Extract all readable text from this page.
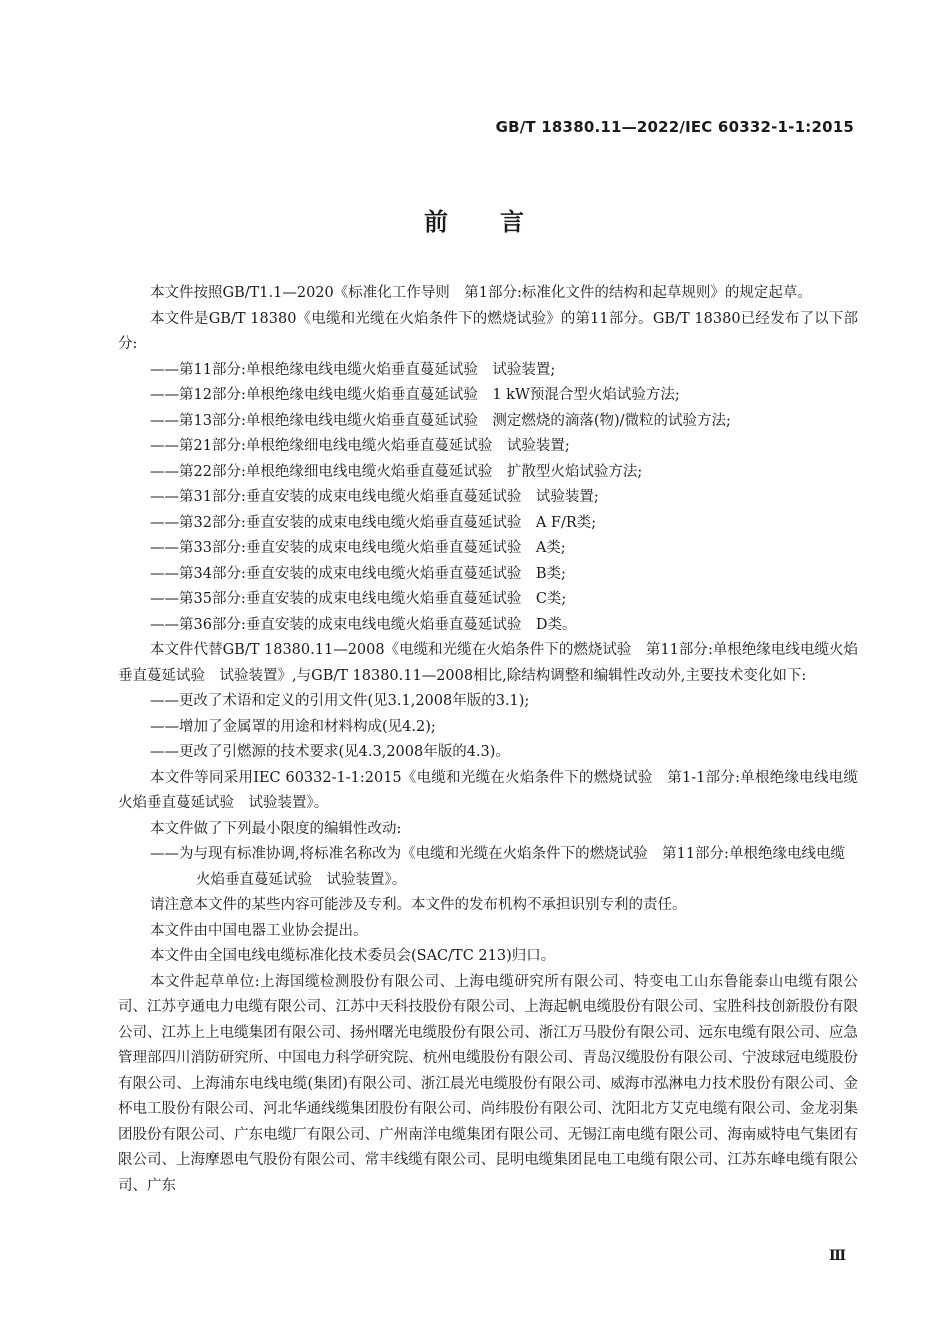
GB/T 18380.11—2022/IEC 60332-1-1:2015
前 言

本文件按照GB/T1.1—2020《标准化工作导则　第1部分:标准化文件的结构和起草规则》的规定起草。

本文件是GB/T 18380《电缆和光缆在火焰条件下的燃烧试验》的第11部分。GB/T 18380已经发布了以下部分:

——第11部分:单根绝缘电线电缆火焰垂直蔓延试验　试验装置;

——第12部分:单根绝缘电线电缆火焰垂直蔓延试验　1 kW预混合型火焰试验方法;

——第13部分:单根绝缘电线电缆火焰垂直蔓延试验　测定燃烧的滴落(物)/微粒的试验方法;

——第21部分:单根绝缘细电线电缆火焰垂直蔓延试验　试验装置;

——第22部分:单根绝缘细电线电缆火焰垂直蔓延试验　扩散型火焰试验方法;

——第31部分:垂直安装的成束电线电缆火焰垂直蔓延试验　试验装置;

——第32部分:垂直安装的成束电线电缆火焰垂直蔓延试验　A F/R类;

——第33部分:垂直安装的成束电线电缆火焰垂直蔓延试验　A类;

——第34部分:垂直安装的成束电线电缆火焰垂直蔓延试验　B类;

——第35部分:垂直安装的成束电线电缆火焰垂直蔓延试验　C类;

——第36部分:垂直安装的成束电线电缆火焰垂直蔓延试验　D类。

本文件代替GB/T 18380.11—2008《电缆和光缆在火焰条件下的燃烧试验　第11部分:单根绝缘电线电缆火焰垂直蔓延试验　试验装置》,与GB/T 18380.11—2008相比,除结构调整和编辑性改动外,主要技术变化如下:

——更改了术语和定义的引用文件(见3.1,2008年版的3.1);

——增加了金属罩的用途和材料构成(见4.2);

——更改了引燃源的技术要求(见4.3,2008年版的4.3)。

本文件等同采用IEC 60332-1-1:2015《电缆和光缆在火焰条件下的燃烧试验　第1-1部分:单根绝缘电线电缆火焰垂直蔓延试验　试验装置》。

本文件做了下列最小限度的编辑性改动:

——为与现有标准协调,将标准名称改为《电缆和光缆在火焰条件下的燃烧试验　第11部分:单根绝缘电线电缆火焰垂直蔓延试验　试验装置》。

请注意本文件的某些内容可能涉及专利。本文件的发布机构不承担识别专利的责任。

本文件由中国电器工业协会提出。

本文件由全国电线电缆标准化技术委员会(SAC/TC 213)归口。

本文件起草单位:上海国缆检测股份有限公司、上海电缆研究所有限公司、特变电工山东鲁能泰山电缆有限公司、江苏亨通电力电缆有限公司、江苏中天科技股份有限公司、上海起帆电缆股份有限公司、宝胜科技创新股份有限公司、江苏上上电缆集团有限公司、扬州曙光电缆股份有限公司、浙江万马股份有限公司、远东电缆有限公司、应急管理部四川消防研究所、中国电力科学研究院、杭州电缆股份有限公司、青岛汉缆股份有限公司、宁波球冠电缆股份有限公司、上海浦东电线电缆(集团)有限公司、浙江晨光电缆股份有限公司、威海市泓淋电力技术股份有限公司、金杯电工股份有限公司、河北华通线缆集团股份有限公司、尚纬股份有限公司、沈阳北方艾克电缆有限公司、金龙羽集团股份有限公司、广东电缆厂有限公司、广州南洋电缆集团有限公司、无锡江南电缆有限公司、海南威特电气集团有限公司、上海摩恩电气股份有限公司、常丰线缆有限公司、昆明电缆集团昆电工电缆有限公司、江苏东峰电缆有限公司、广东

Ⅲ
